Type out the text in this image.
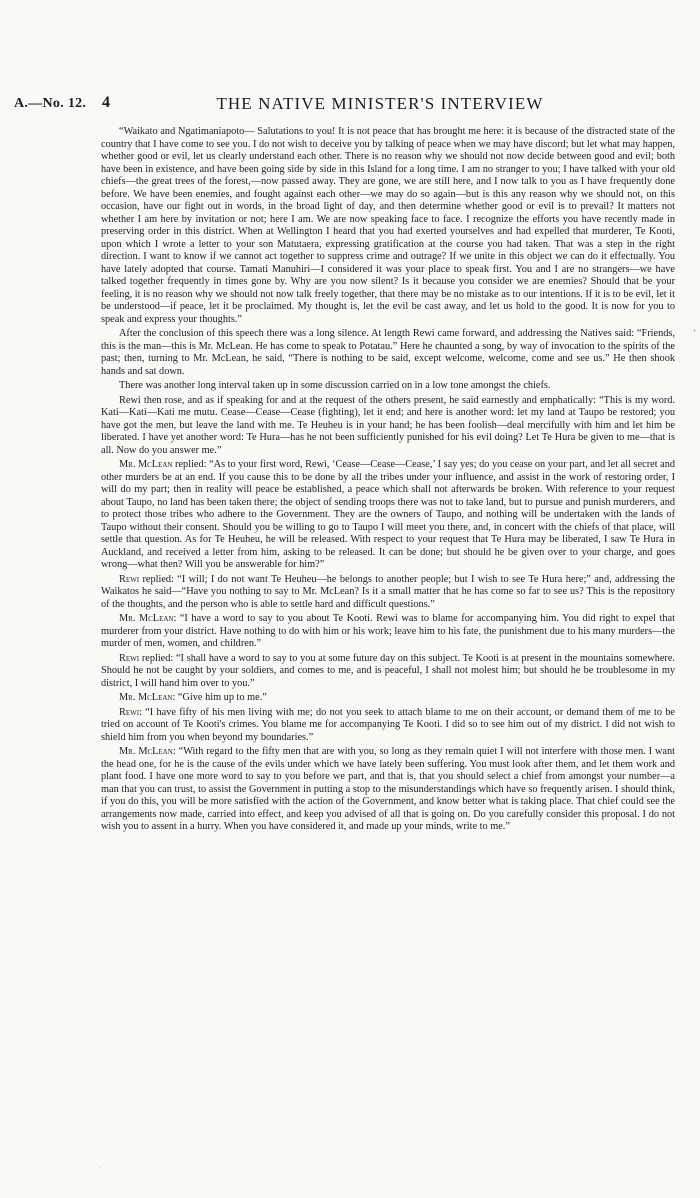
A.—No. 12. 4	THE NATIVE MINISTER'S INTERVIEW

“Waikato and Ngatimaniapoto— Salutations to you! It is not peace that has brought me here: it is because of the distracted state of the country that I have come to see you. I do not wish to deceive you by talking of peace when we may have discord; but let what may happen, whether good or evil, let us clearly understand each other. There is no reason why we should not now decide between good and evil; both have been in existence, and have been going side by side in this Island for a long time. I am no stranger to you; I have talked with your old chiefs—the great trees of the forest,—now passed away. They are gone, we are still here, and I now talk to you as I have frequently done before. We have been enemies, and fought against each other—we may do so again—but is this any reason why we should not, on this occasion, have our fight out in words, in the broad light of day, and then determine whether good or evil is to prevail? It matters not whether I am here by invitation or not; here I am. We are now speaking face to face. I recognize the efforts you have recently made in preserving order in this district. When at Wellington I heard that you had exerted yourselves and had expelled that murderer, Te Kooti, upon which I wrote a letter to your son Matutaera, expressing gratification at the course you had taken. That was a step in the right direction. I want to know if we cannot act together to suppress crime and outrage? If we unite in this object we can do it effectually. You have lately adopted that course. Tamati Manuhiri—I considered it was your place to speak first. You and I are no strangers—we have talked together frequently in times gone by. Why are you now silent? Is it because you consider we are enemies? Should that be your feeling, it is no reason why we should not now talk freely together, that there may be no mistake as to our intentions. If it is to be evil, let it be understood—if peace, let it be proclaimed. My thought is, let the evil be cast away, and let us hold to the good. It is now for you to speak and express your thoughts.”

After the conclusion of this speech there was a long silence. At length Rewi came forward, and addressing the Natives said: “Friends, this is the man—this is Mr. McLean. He has come to speak to Potatau.” Here he chaunted a song, by way of invocation to the spirits of the past; then, turning to Mr. McLean, he said, “There is nothing to be said, except welcome, welcome, come and see us.” He then shook hands and sat down.

There was another long interval taken up in some discussion carried on in a low tone amongst the chiefs.

Rewi then rose, and as if speaking for and at the request of the others present, he said earnestly and emphatically: “This is my word. Kati—Kati—Kati me mutu. Cease—Cease—Cease (fighting), let it end; and here is another word: let my land at Taupo be restored; you have got the men, but leave the land with me. Te Heuheu is in your hand; he has been foolish—deal mercifully with him and let him be liberated. I have yet another word: Te Hura—has he not been sufficiently punished for his evil doing? Let Te Hura be given to me—that is all. Now do you answer me.”

Mr. McLean replied: “As to your first word, Rewi, ‘Cease—Cease—Cease,’ I say yes; do you cease on your part, and let all secret and other murders be at an end. If you cause this to be done by all the tribes under your influence, and assist in the work of restoring order, I will do my part; then in reality will peace be established, a peace which shall not afterwards be broken. With reference to your request about Taupo, no land has been taken there; the object of sending troops there was not to take land, but to pursue and punish murderers, and to protect those tribes who adhere to the Government. They are the owners of Taupo, and nothing will be undertaken with the lands of Taupo without their consent. Should you be willing to go to Taupo I will meet you there, and, in concert with the chiefs of that place, will settle that question. As for Te Heuheu, he will be released. With respect to your request that Te Hura may be liberated, I saw Te Hura in Auckland, and received a letter from him, asking to be released. It can be done; but should he be given over to your charge, and goes wrong—what then? Will you be answerable for him?”

Rewi replied: “I will; I do not want Te Heuheu—he belongs to another people; but I wish to see Te Hura here;” and, addressing the Waikatos he said—“Have you nothing to say to Mr. McLean? Is it a small matter that he has come so far to see us? This is the repository of the thoughts, and the person who is able to settle hard and difficult questions.”

Mr. McLean: “I have a word to say to you about Te Kooti. Rewi was to blame for accompanying him. You did right to expel that murderer from your district. Have nothing to do with him or his work; leave him to his fate, the punishment due to his many murders—the murder of men, women, and children.”

Rewi replied: “I shall have a word to say to you at some future day on this subject. Te Kooti is at present in the mountains somewhere. Should he not be caught by your soldiers, and comes to me, and is peaceful, I shall not molest him; but should he be troublesome in my district, I will hand him over to you.”

Mr. McLean: “Give him up to me.”

Rewi: “I have fifty of his men living with me; do not you seek to attach blame to me on their account, or demand them of me to be tried on account of Te Kooti's crimes. You blame me for accompanying Te Kooti. I did so to see him out of my district. I did not wish to shield him from you when beyond my boundaries.”

Mr. McLean: “With regard to the fifty men that are with you, so long as they remain quiet I will not interfere with those men. I want the head one, for he is the cause of the evils under which we have lately been suffering. You must look after them, and let them work and plant food. I have one more word to say to you before we part, and that is, that you should select a chief from amongst your number—a man that you can trust, to assist the Government in putting a stop to the misunderstandings which have so frequently arisen. I should think, if you do this, you will be more satisfied with the action of the Government, and know better what is taking place. That chief could see the arrangements now made, carried into effect, and keep you advised of all that is going on. Do you carefully consider this proposal. I do not wish you to assent in a hurry. When you have considered it, and made up your minds, write to me.”

·
·
